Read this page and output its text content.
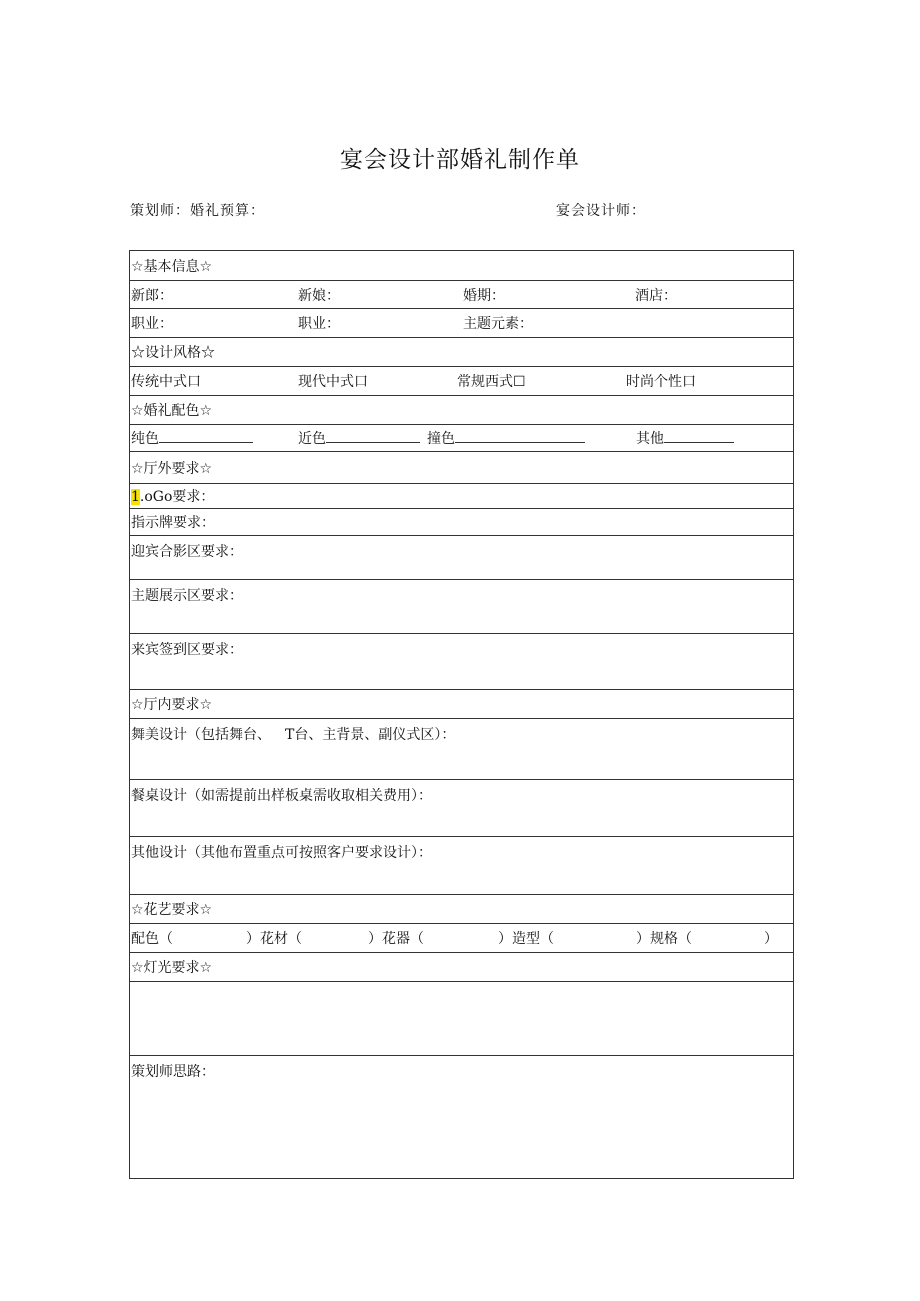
宴会设计部婚礼制作单
策划师：婚礼预算：	宴会设计师：
☆基本信息☆
新郎：	新娘：	婚期：	酒店：
职业：	职业：	主题元素：
☆设计风格☆
传统中式口	现代中式口	常规西式☐	时尚个性口
☆婚礼配色☆
纯色	近色	撞色	其他
☆厅外要求☆
1.oGo要求：
指示牌要求：
迎宾合影区要求：
主题展示区要求：
来宾签到区要求：
☆厅内要求☆
舞美设计（包括舞台、 T台、主背景、副仪式区）：
餐桌设计（如需提前出样板桌需收取相关费用）：
其他设计（其他布置重点可按照客户要求设计）：
☆花艺要求☆
配色（	）花材（	）花器（	）造型（	）规格（	）
☆灯光要求☆
策划师思路：
